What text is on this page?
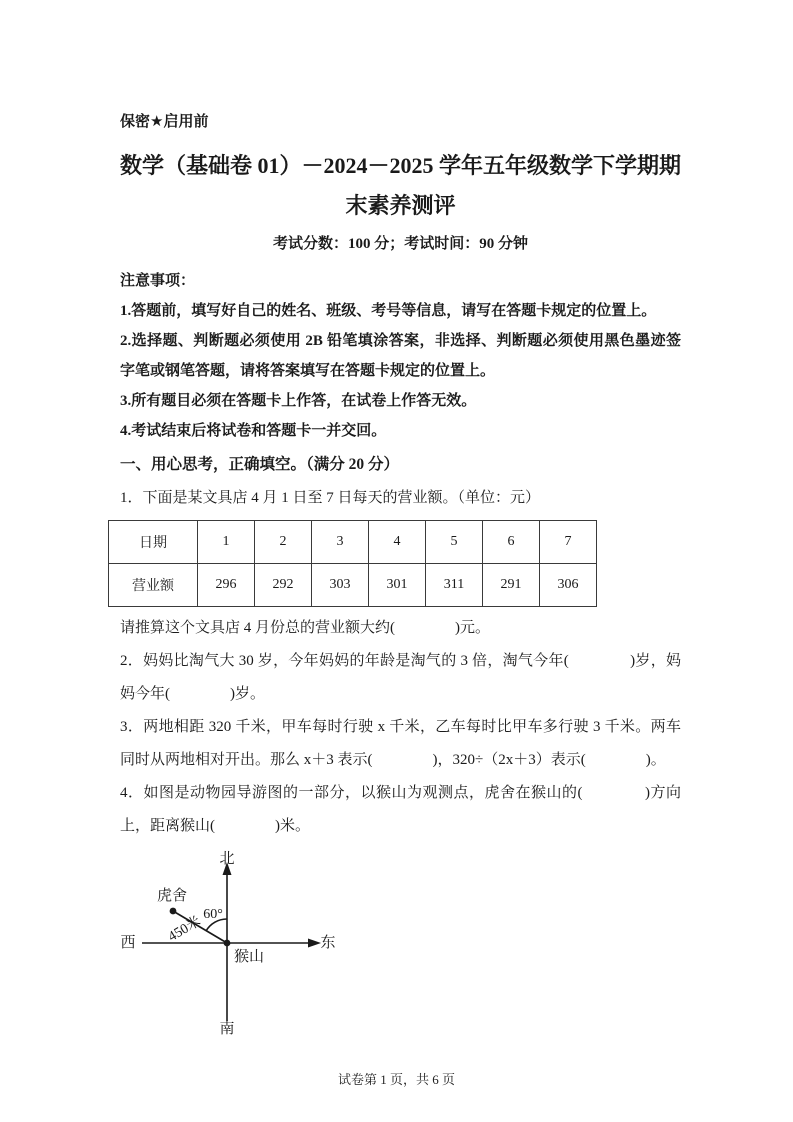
保密★启用前
数学（基础卷 01）－2024－2025 学年五年级数学下学期期
末素养测评
考试分数：100 分；考试时间：90 分钟
注意事项：

1.答题前，填写好自己的姓名、班级、考号等信息，请写在答题卡规定的位置上。

2.选择题、判断题必须使用 2B 铅笔填涂答案，非选择、判断题必须使用黑色墨迹签字笔或钢笔答题，请将答案填写在答题卡规定的位置上。

3.所有题目必须在答题卡上作答，在试卷上作答无效。

4.考试结束后将试卷和答题卡一并交回。

一、用心思考，正确填空。（满分 20 分）

1．下面是某文具店 4 月 1 日至 7 日每天的营业额。（单位：元）

日期	1	2	3	4	5	6	7
营业额	296	292	303	301	311	291	306

请推算这个文具店 4 月份总的营业额大约(　　　　)元。

2．妈妈比淘气大 30 岁，今年妈妈的年龄是淘气的 3 倍，淘气今年(　　　　)岁，妈妈今年(　　　　)岁。

3．两地相距 320 千米，甲车每时行驶 x 千米，乙车每时比甲车多行驶 3 千米。两车同时从两地相对开出。那么 x＋3 表示(　　　　)，320÷（2x＋3）表示(　　　　)。

4．如图是动物园导游图的一部分，以猴山为观测点，虎舍在猴山的(　　　　)方向上，距离猴山(　　　　)米。

北
南
西	东
猴山
虎舍
60°
450米
试卷第 1 页，共 6 页
